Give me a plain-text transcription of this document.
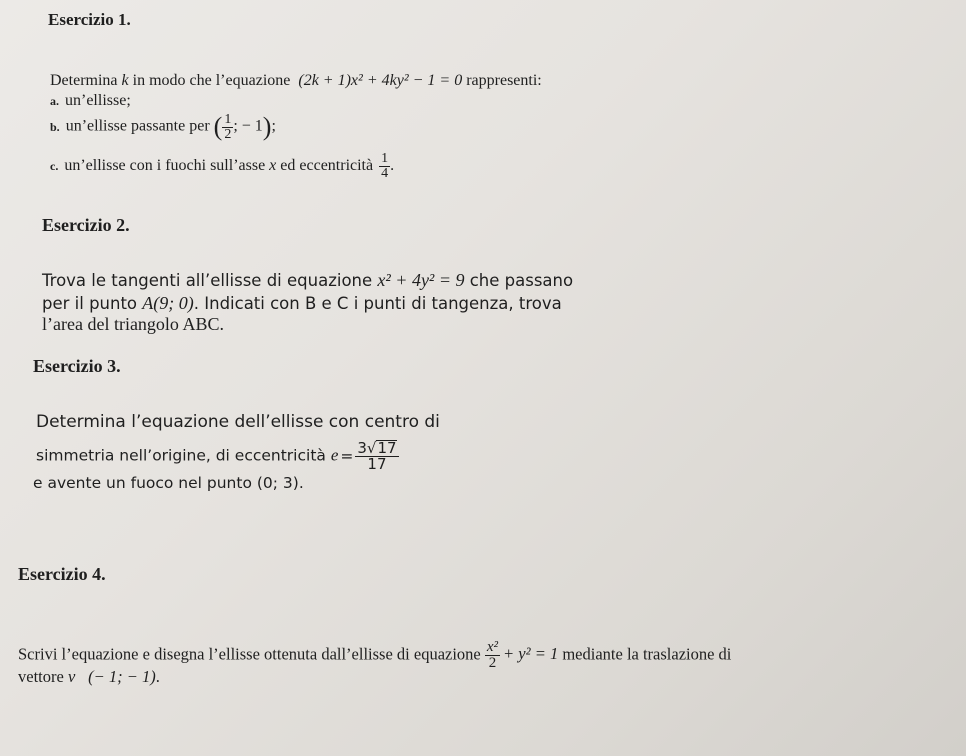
Esercizio 1.
Determina k in modo che l’equazione (2k + 1)x² + 4ky² − 1 = 0 rappresenti:
a. un’ellisse;
b. un’ellisse passante per ( $\frac{1}{2}$ ; − 1);
c. un’ellisse con i fuochi sull’asse x ed eccentricità $\frac{1}{4}$ .
Esercizio 2.
Trova le tangenti all’ellisse di equazione x² + 4y² = 9 che passano
per il punto A(9; 0). Indicati con B e C i punti di tangenza, trova
l’area del triangolo ABC.
Esercizio 3.
Determina l’equazione dell’ellisse con centro di
simmetria nell’origine, di eccentricità $e = \frac{3√17}{17}$
e avente un fuoco nel punto (0; 3).
Esercizio 4.
Scrivi l’equazione e disegna l’ellisse ottenuta dall’ellisse di equazione $\frac{\text{x²}}{2} + y^2 = 1$ mediante la traslazione di
vettore v⃗(− 1; − 1).
